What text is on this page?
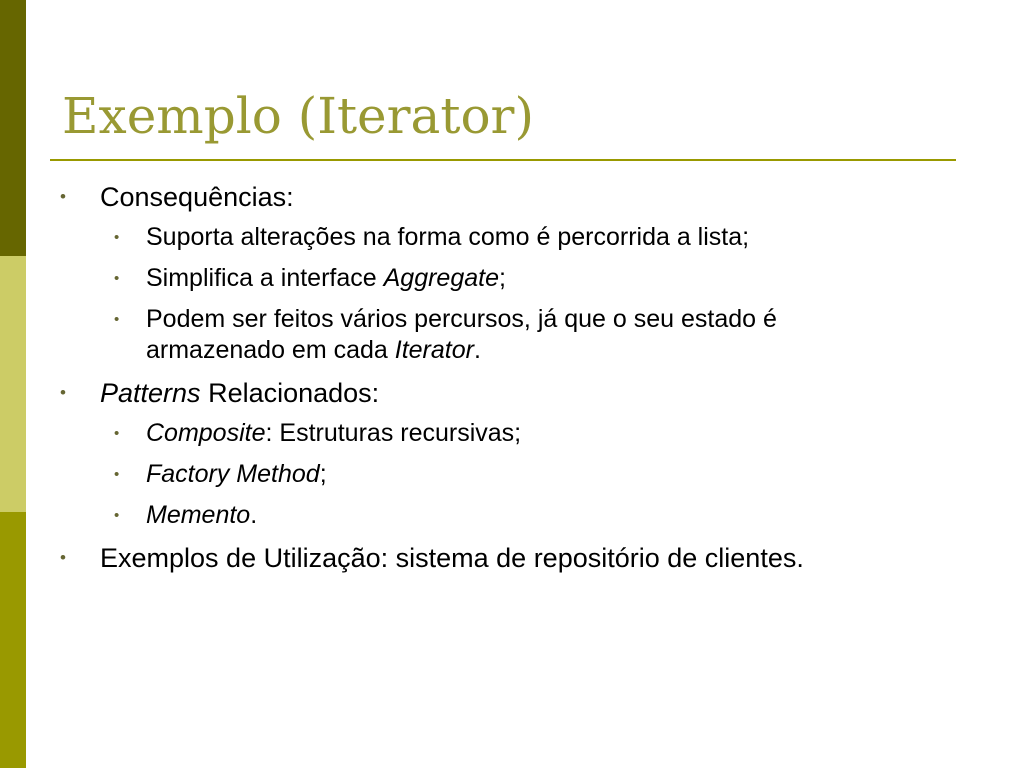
Exemplo (Iterator)
• Consequências:
• Suporta alterações na forma como é percorrida a lista;
• Simplifica a interface Aggregate;
• Podem ser feitos vários percursos, já que o seu estado é
armazenado em cada Iterator.
• Patterns Relacionados:
• Composite: Estruturas recursivas;
• Factory Method;
• Memento.
• Exemplos de Utilização: sistema de repositório de clientes.
